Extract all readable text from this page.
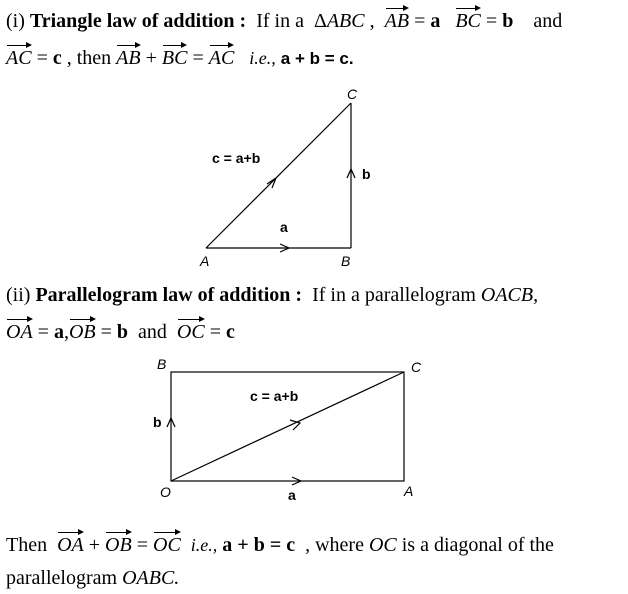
(i) Triangle law of addition : If in a ΔABC ,  AB = a BC = b and
AC = c , then AB + BC = AC i.e., a + b = c.
A	B
C
c = a+b
a
b
O	A
B	C
c = a+b
a
b
(ii) Parallelogram law of addition : If in a parallelogram OACB,
OA = a,OB = b and OC = c
Then OA + OB = OC i.e., a + b = c , where OC is a diagonal of the
parallelogram OABC.
